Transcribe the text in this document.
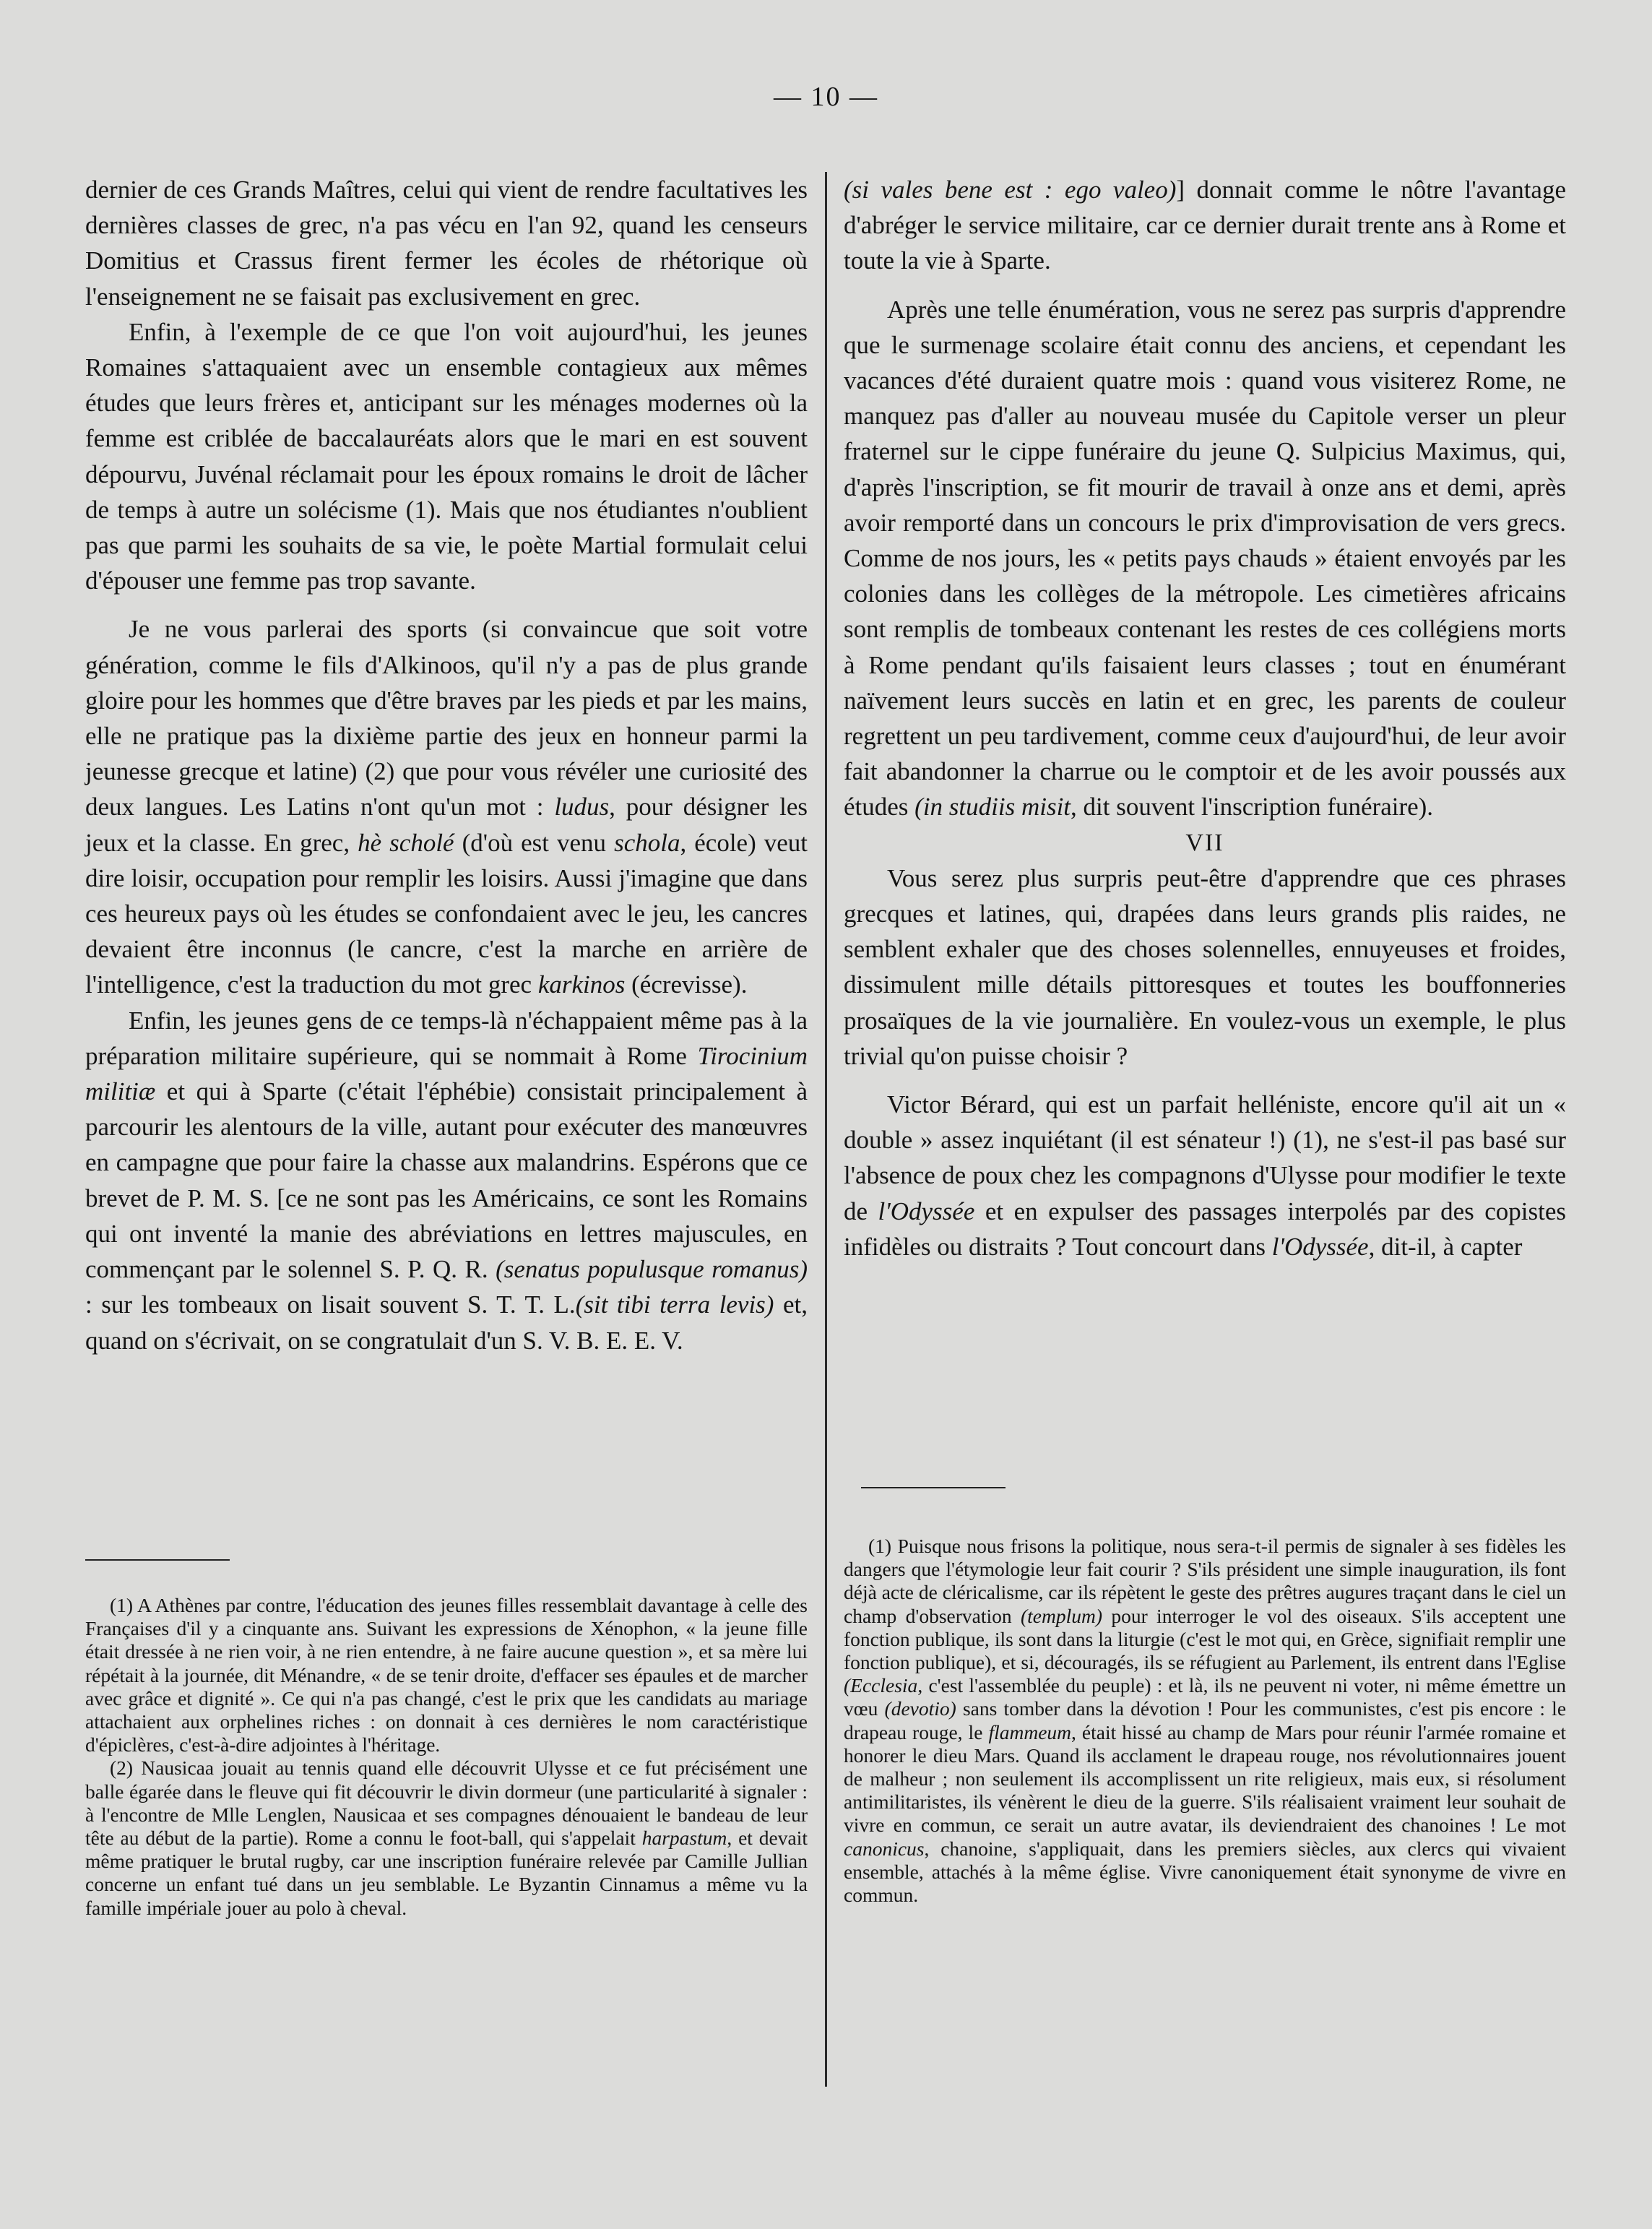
— 10 —

dernier de ces Grands Maîtres, celui qui vient de rendre facultatives les dernières classes de grec, n'a pas vécu en l'an 92, quand les censeurs Domitius et Crassus firent fermer les écoles de rhétorique où l'enseignement ne se faisait pas exclusivement en grec.

Enfin, à l'exemple de ce que l'on voit aujourd'hui, les jeunes Romaines s'attaquaient avec un ensemble contagieux aux mêmes études que leurs frères et, anticipant sur les ménages modernes où la femme est criblée de baccalauréats alors que le mari en est souvent dépourvu, Juvénal réclamait pour les époux romains le droit de lâcher de temps à autre un solécisme (1). Mais que nos étudiantes n'oublient pas que parmi les souhaits de sa vie, le poète Martial formulait celui d'épouser une femme pas trop savante.

Je ne vous parlerai des sports (si convaincue que soit votre génération, comme le fils d'Alkinoos, qu'il n'y a pas de plus grande gloire pour les hommes que d'être braves par les pieds et par les mains, elle ne pratique pas la dixième partie des jeux en honneur parmi la jeunesse grecque et latine) (2) que pour vous révéler une curiosité des deux langues. Les Latins n'ont qu'un mot : ludus, pour désigner les jeux et la classe. En grec, hè scholé (d'où est venu schola, école) veut dire loisir, occupation pour remplir les loisirs. Aussi j'imagine que dans ces heureux pays où les études se confondaient avec le jeu, les cancres devaient être inconnus (le cancre, c'est la marche en arrière de l'intelligence, c'est la traduction du mot grec karkinos (écrevisse).

Enfin, les jeunes gens de ce temps-là n'échappaient même pas à la préparation militaire supérieure, qui se nommait à Rome Tirocinium militiæ et qui à Sparte (c'était l'éphébie) consistait principalement à parcourir les alentours de la ville, autant pour exécuter des manœuvres en campagne que pour faire la chasse aux malandrins. Espérons que ce brevet de P. M. S. [ce ne sont pas les Américains, ce sont les Romains qui ont inventé la manie des abréviations en lettres majuscules, en commençant par le solennel S. P. Q. R. (senatus populusque romanus) : sur les tombeaux on lisait souvent S. T. T. L.(sit tibi terra levis) et, quand on s'écrivait, on se congratulait d'un S. V. B. E. E. V.

(si vales bene est : ego valeo)] donnait comme le nôtre l'avantage d'abréger le service militaire, car ce dernier durait trente ans à Rome et toute la vie à Sparte.

Après une telle énumération, vous ne serez pas surpris d'apprendre que le surmenage scolaire était connu des anciens, et cependant les vacances d'été duraient quatre mois : quand vous visiterez Rome, ne manquez pas d'aller au nouveau musée du Capitole verser un pleur fraternel sur le cippe funéraire du jeune Q. Sulpicius Maximus, qui, d'après l'inscription, se fit mourir de travail à onze ans et demi, après avoir remporté dans un concours le prix d'improvisation de vers grecs. Comme de nos jours, les « petits pays chauds » étaient envoyés par les colonies dans les collèges de la métropole. Les cimetières africains sont remplis de tombeaux contenant les restes de ces collégiens morts à Rome pendant qu'ils faisaient leurs classes ; tout en énumérant naïvement leurs succès en latin et en grec, les parents de couleur regrettent un peu tardivement, comme ceux d'aujourd'hui, de leur avoir fait abandonner la charrue ou le comptoir et de les avoir poussés aux études (in studiis misit, dit souvent l'inscription funéraire).

VII

Vous serez plus surpris peut-être d'apprendre que ces phrases grecques et latines, qui, drapées dans leurs grands plis raides, ne semblent exhaler que des choses solennelles, ennuyeuses et froides, dissimulent mille détails pittoresques et toutes les bouffonneries prosaïques de la vie journalière. En voulez-vous un exemple, le plus trivial qu'on puisse choisir ?

Victor Bérard, qui est un parfait helléniste, encore qu'il ait un « double » assez inquiétant (il est sénateur !) (1), ne s'est-il pas basé sur l'absence de poux chez les compagnons d'Ulysse pour modifier le texte de l'Odyssée et en expulser des passages interpolés par des copistes infidèles ou distraits ? Tout concourt dans l'Odyssée, dit-il, à capter

(1) A Athènes par contre, l'éducation des jeunes filles ressemblait davantage à celle des Françaises d'il y a cinquante ans. Suivant les expressions de Xénophon, « la jeune fille était dressée à ne rien voir, à ne rien entendre, à ne faire aucune question », et sa mère lui répétait à la journée, dit Ménandre, « de se tenir droite, d'effacer ses épaules et de marcher avec grâce et dignité ». Ce qui n'a pas changé, c'est le prix que les candidats au mariage attachaient aux orphelines riches : on donnait à ces dernières le nom caractéristique d'épiclères, c'est-à-dire adjointes à l'héritage.

(2) Nausicaa jouait au tennis quand elle découvrit Ulysse et ce fut précisément une balle égarée dans le fleuve qui fit découvrir le divin dormeur (une particularité à signaler : à l'encontre de Mlle Lenglen, Nausicaa et ses compagnes dénouaient le bandeau de leur tête au début de la partie). Rome a connu le foot-ball, qui s'appelait harpastum, et devait même pratiquer le brutal rugby, car une inscription funéraire relevée par Camille Jullian concerne un enfant tué dans un jeu semblable. Le Byzantin Cinnamus a même vu la famille impériale jouer au polo à cheval.

(1) Puisque nous frisons la politique, nous sera-t-il permis de signaler à ses fidèles les dangers que l'étymologie leur fait courir ? S'ils président une simple inauguration, ils font déjà acte de cléricalisme, car ils répètent le geste des prêtres augures traçant dans le ciel un champ d'observation (templum) pour interroger le vol des oiseaux. S'ils acceptent une fonction publique, ils sont dans la liturgie (c'est le mot qui, en Grèce, signifiait remplir une fonction publique), et si, découragés, ils se réfugient au Parlement, ils entrent dans l'Eglise (Ecclesia, c'est l'assemblée du peuple) : et là, ils ne peuvent ni voter, ni même émettre un vœu (devotio) sans tomber dans la dévotion ! Pour les communistes, c'est pis encore : le drapeau rouge, le flammeum, était hissé au champ de Mars pour réunir l'armée romaine et honorer le dieu Mars. Quand ils acclament le drapeau rouge, nos révolutionnaires jouent de malheur ; non seulement ils accomplissent un rite religieux, mais eux, si résolument antimilitaristes, ils vénèrent le dieu de la guerre. S'ils réalisaient vraiment leur souhait de vivre en commun, ce serait un autre avatar, ils deviendraient des chanoines ! Le mot canonicus, chanoine, s'appliquait, dans les premiers siècles, aux clercs qui vivaient ensemble, attachés à la même église. Vivre canoniquement était synonyme de vivre en commun.
